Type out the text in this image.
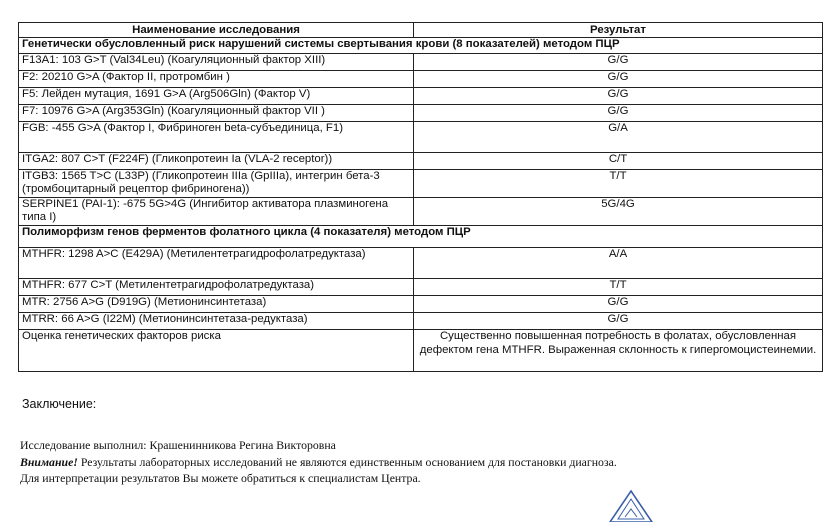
Наименование исследования	Результат
Генетически обусловленный риск нарушений системы свертывания крови (8 показателей) методом ПЦР	
F13A1: 103 G>T (Val34Leu) (Коагуляционный фактор XIII)	G/G
F2: 20210 G>A (Фактор II, протромбин )	G/G
F5: Лейден мутация, 1691 G>A (Arg506Gln) (Фактор V)	G/G
F7: 10976 G>A (Arg353Gln) (Коагуляционный фактор VII )	G/G
FGB: -455 G>A (Фактор I, Фибриноген beta-субъединица, F1)	G/A
ITGA2: 807 C>T (F224F) (Гликопротеин Ia (VLA-2 receptor))	C/T
ITGB3: 1565 T>C (L33P) (Гликопротеин IIIa (GpIIIa), интегрин бета-3 (тромбоцитарный рецептор фибриногена))	T/T
SERPINE1 (PAI-1): -675 5G>4G (Ингибитор активатора плазминогена типа I)	5G/4G
Полиморфизм генов ферментов фолатного цикла (4 показателя) методом ПЦР	
MTHFR: 1298 A>C (E429A) (Метилентетрагидрофолатредуктаза)	A/A
MTHFR: 677 C>T (Метилентетрагидрофолатредуктаза)	T/T
MTR: 2756 A>G (D919G) (Метионинсинтетаза)	G/G
MTRR: 66 A>G (I22M) (Метионинсинтетаза-редуктаза)	G/G
Оценка генетических факторов риска	Существенно повышенная потребность в фолатах, обусловленная дефектом гена MTHFR. Выраженная склонность к гипергомоцистеинемии.
Заключение:
Исследование выполнил: Крашенинникова Регина Викторовна
Внимание! Результаты лабораторных исследований не являются единственным основанием для постановки диагноза.
Для интерпретации результатов Вы можете обратиться к специалистам Центра.
